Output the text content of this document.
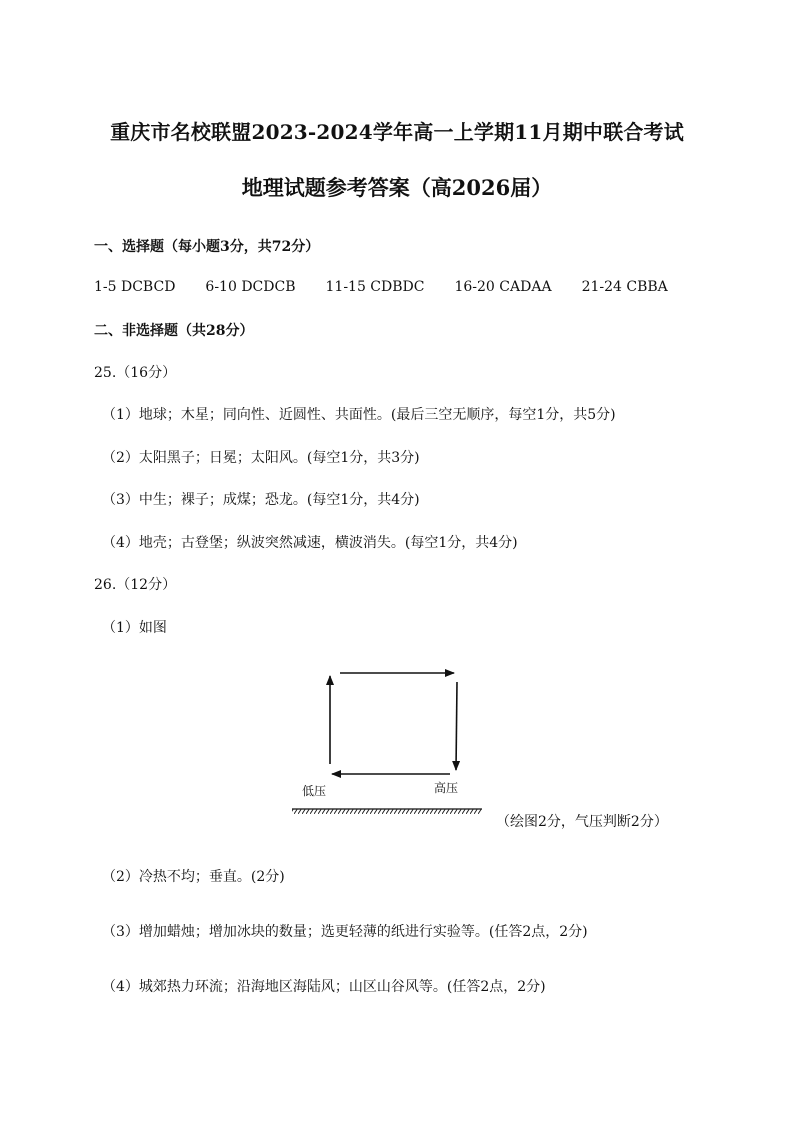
重庆市名校联盟2023-2024学年高一上学期11月期中联合考试
地理试题参考答案（高2026届）
一、选择题（每小题3分，共72分）
1-5 DCBCD 6-10 DCDCB 11-15 CDBDC 16-20 CADAA 21-24 CBBA
二、非选择题（共28分）
25.（16分）
（1）地球；木星；同向性、近圆性、共面性。(最后三空无顺序，每空1分，共5分)
（2）太阳黑子；日冕；太阳风。(每空1分，共3分)
（3）中生；裸子；成煤；恐龙。(每空1分，共4分)
（4）地壳；古登堡；纵波突然减速，横波消失。(每空1分，共4分)
26.（12分）
（1）如图
低压	高压
（绘图2分，气压判断2分）
（2）冷热不均；垂直。(2分)
（3）增加蜡烛；增加冰块的数量；选更轻薄的纸进行实验等。(任答2点，2分)
（4）城郊热力环流；沿海地区海陆风；山区山谷风等。(任答2点，2分)
